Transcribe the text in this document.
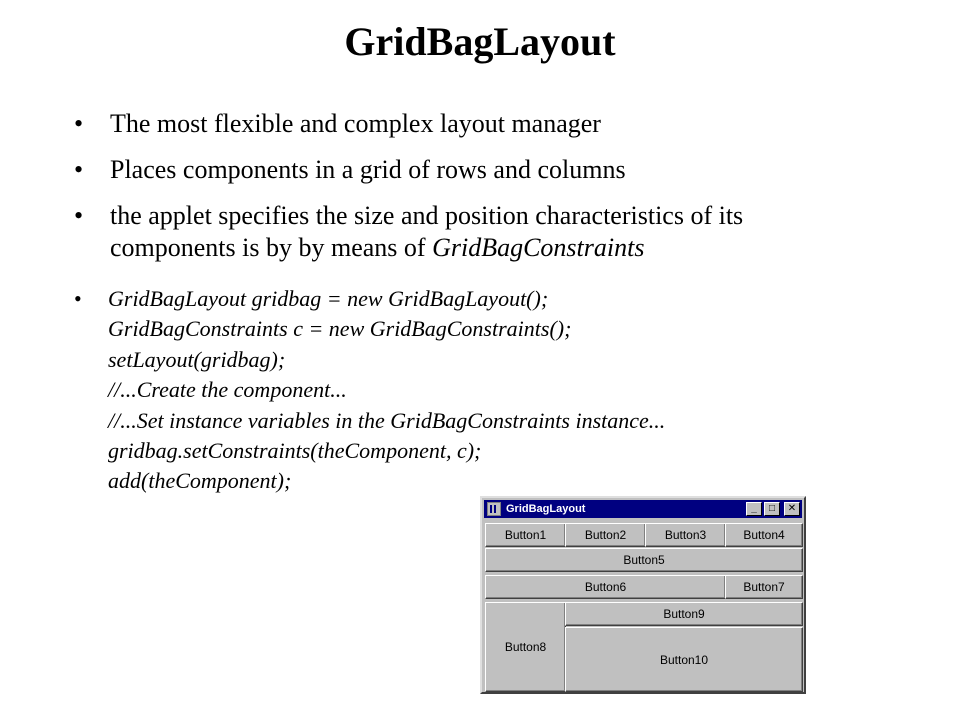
GridBagLayout
• The most flexible and complex layout manager
• Places components in a grid of rows and columns
• the applet specifies the size and position characteristics of its components is by by means of GridBagConstraints
• GridBagLayout gridbag = new GridBagLayout();
GridBagConstraints c = new GridBagConstraints();
setLayout(gridbag);
//...Create the component...
//...Set instance variables in the GridBagConstraints instance...
gridbag.setConstraints(theComponent, c);
add(theComponent);
GridBagLayout	_	□	✕
Button1	Button2	Button3	Button4
Button5
Button6	Button7
Button8
Button9
Button10
